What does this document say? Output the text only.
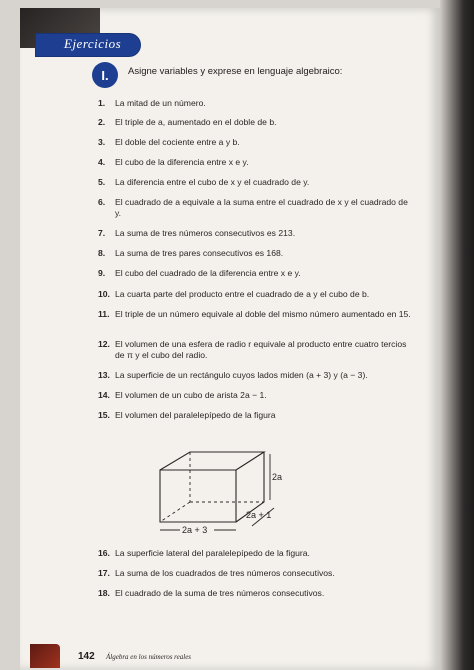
Ejercicios
I.	Asigne variables y exprese en lenguaje algebraico:
1.	La mitad de un número.
2.	El triple de a, aumentado en el doble de b.
3.	El doble del cociente entre a y b.
4.	El cubo de la diferencia entre x e y.
5.	La diferencia entre el cubo de x y el cuadrado de y.
6.	El cuadrado de a equivale a la suma entre el cuadrado de x y el cuadrado de y.
7.	La suma de tres números consecutivos es 213.
8.	La suma de tres pares consecutivos es 168.
9.	El cubo del cuadrado de la diferencia entre x e y.
10. La cuarta parte del producto entre el cuadrado de a y el cubo de b.
11. El triple de un número equivale al doble del mismo número aumentado en 15.
12. El volumen de una esfera de radio r equivale al producto entre cuatro tercios de π y el cubo del radio.
13. La superficie de un rectángulo cuyos lados miden (a + 3) y (a − 3).
14. El volumen de un cubo de arista 2a − 1.
15. El volumen del paralelepípedo de la figura
2a
2a + 1
2a + 3
16. La superficie lateral del paralelepípedo de la figura.
17. La suma de los cuadrados de tres números consecutivos.
18. El cuadrado de la suma de tres números consecutivos.
142 Álgebra en los números reales
